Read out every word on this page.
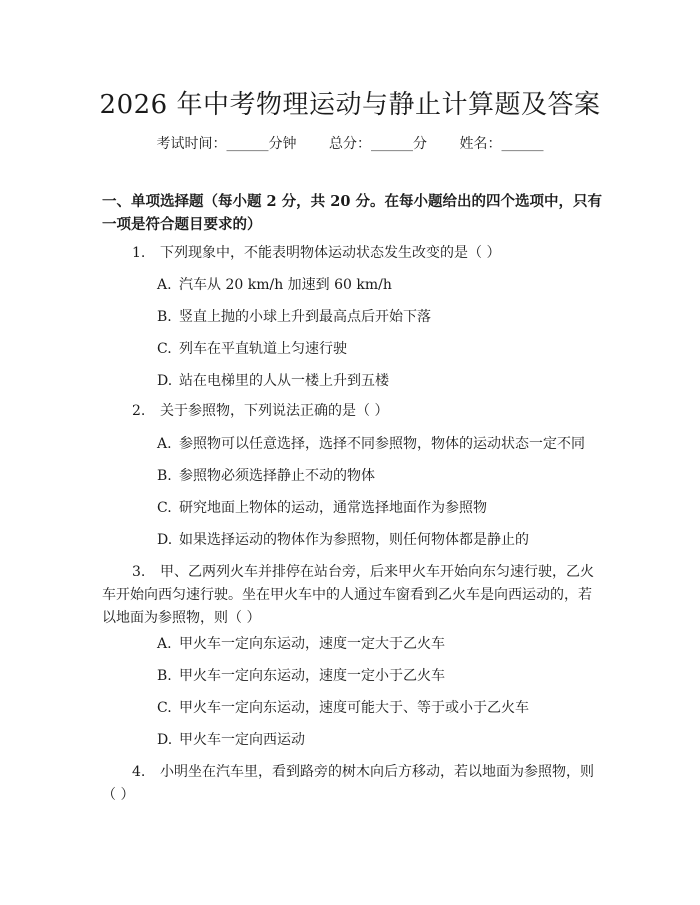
2026 年中考物理运动与静止计算题及答案
考试时间：______分钟 总分：______分 姓名：______
一、单项选择题（每小题 2 分，共 20 分。在每小题给出的四个选项中，只有一项是符合题目要求的）
1. 下列现象中，不能表明物体运动状态发生改变的是（ ）
A. 汽车从 20 km/h 加速到 60 km/h
B. 竖直上抛的小球上升到最高点后开始下落
C. 列车在平直轨道上匀速行驶
D. 站在电梯里的人从一楼上升到五楼
2. 关于参照物，下列说法正确的是（ ）
A. 参照物可以任意选择，选择不同参照物，物体的运动状态一定不同
B. 参照物必须选择静止不动的物体
C. 研究地面上物体的运动，通常选择地面作为参照物
D. 如果选择运动的物体作为参照物，则任何物体都是静止的
3. 甲、乙两列火车并排停在站台旁，后来甲火车开始向东匀速行驶，乙火车开始向西匀速行驶。坐在甲火车中的人通过车窗看到乙火车是向西运动的，若以地面为参照物，则（ ）
A. 甲火车一定向东运动，速度一定大于乙火车
B. 甲火车一定向东运动，速度一定小于乙火车
C. 甲火车一定向东运动，速度可能大于、等于或小于乙火车
D. 甲火车一定向西运动
4. 小明坐在汽车里，看到路旁的树木向后方移动，若以地面为参照物，则（ ）
